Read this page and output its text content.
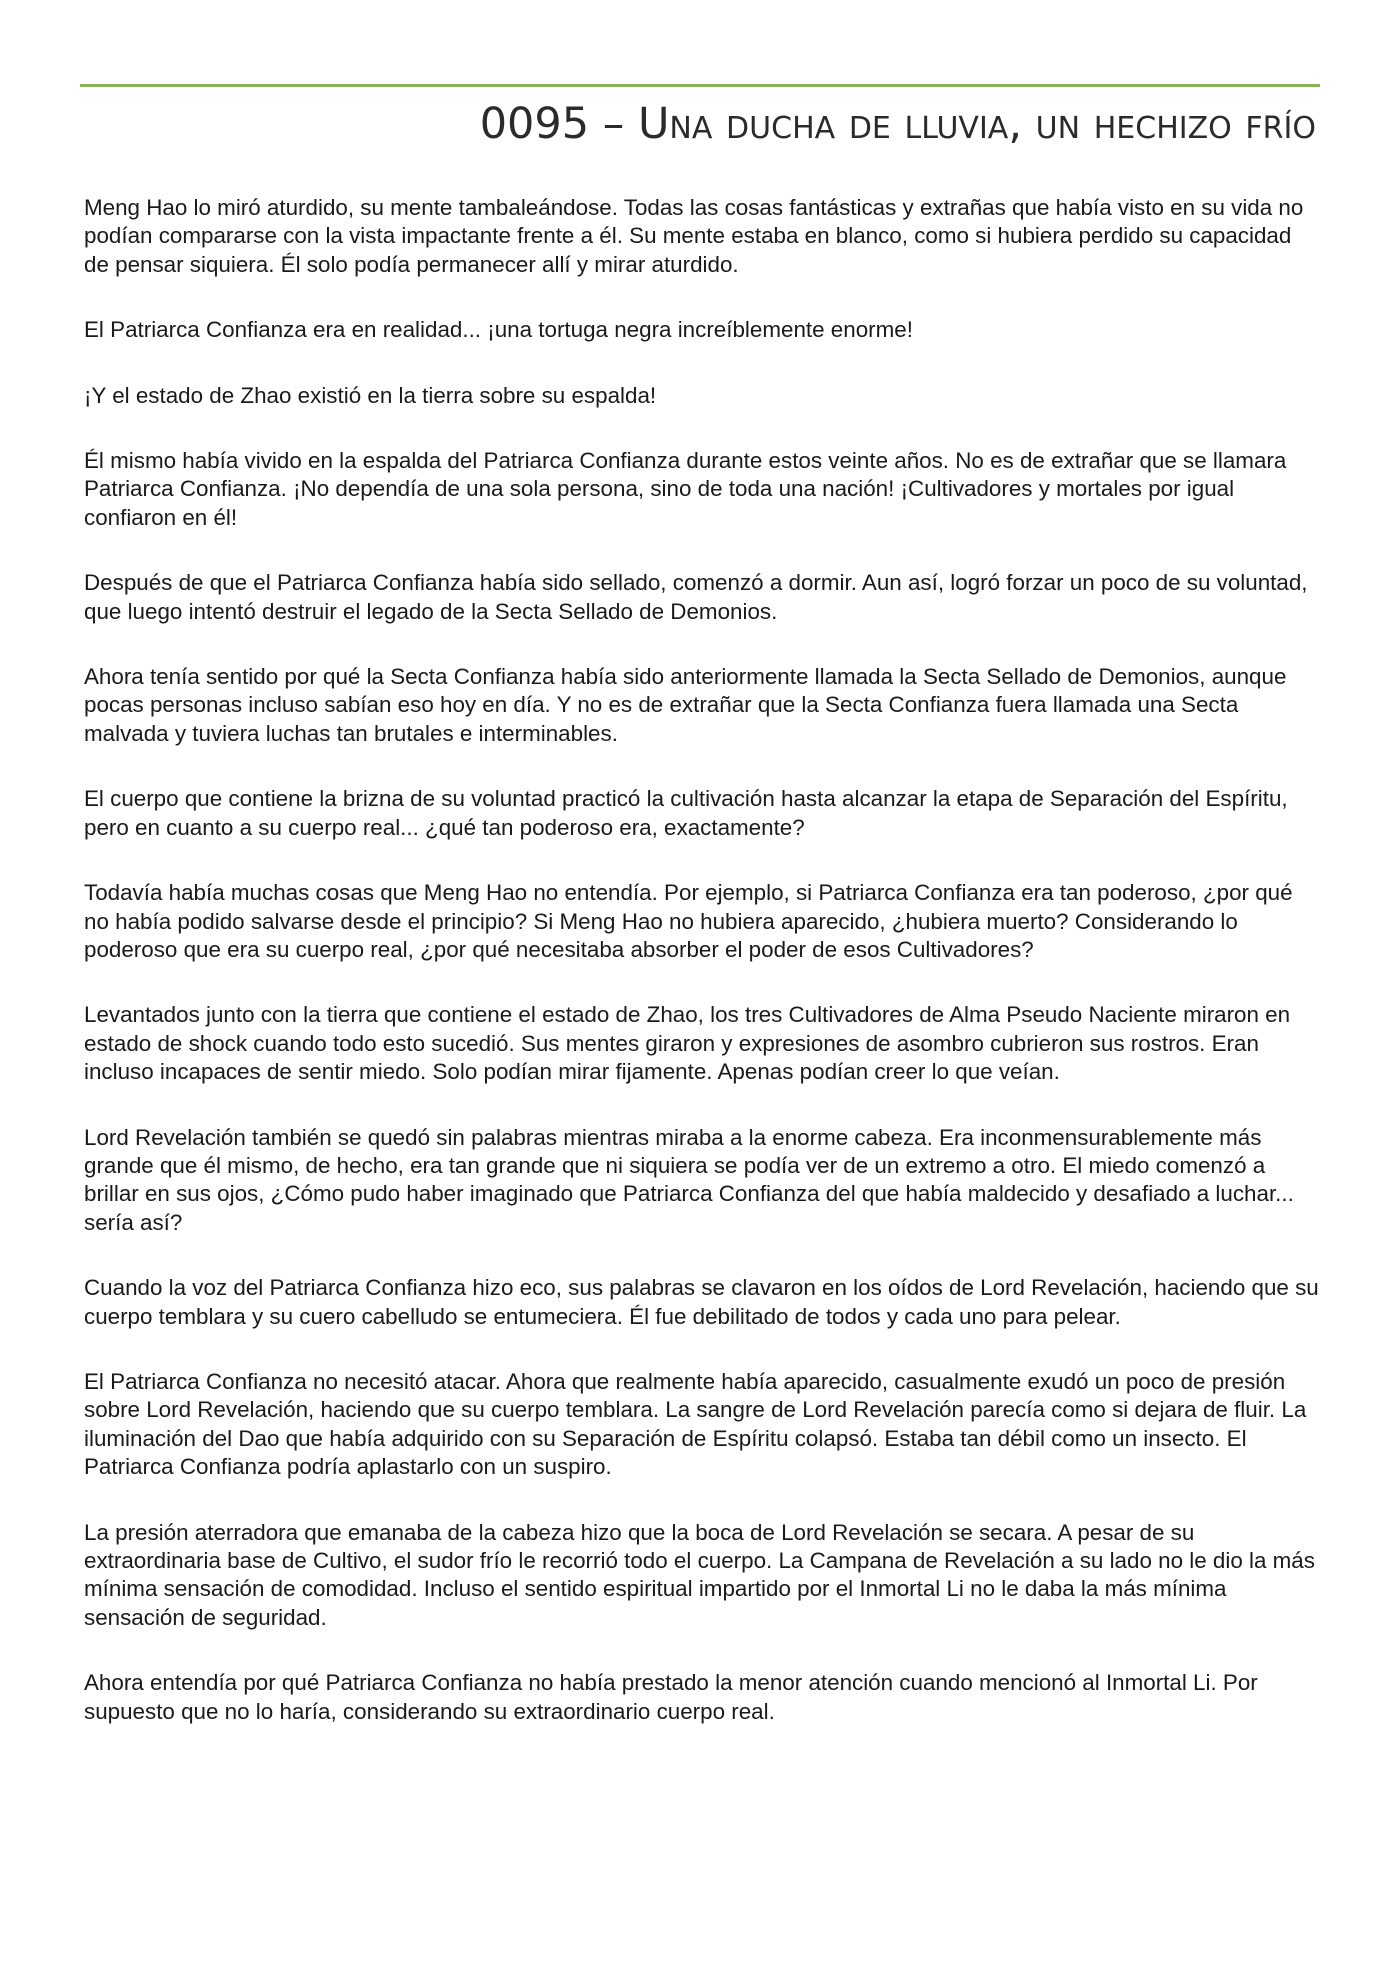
0095 – Una ducha de lluvia, un hechizo frío

Meng Hao lo miró aturdido, su mente tambaleándose. Todas las cosas fantásticas y extrañas que había visto en su vida no podían compararse con la vista impactante frente a él. Su mente estaba en blanco, como si hubiera perdido su capacidad de pensar siquiera. Él solo podía permanecer allí y mirar aturdido.

El Patriarca Confianza era en realidad... ¡una tortuga negra increíblemente enorme!

¡Y el estado de Zhao existió en la tierra sobre su espalda!

Él mismo había vivido en la espalda del Patriarca Confianza durante estos veinte años. No es de extrañar que se llamara Patriarca Confianza. ¡No dependía de una sola persona, sino de toda una nación! ¡Cultivadores y mortales por igual confiaron en él!

Después de que el Patriarca Confianza había sido sellado, comenzó a dormir. Aun así, logró forzar un poco de su voluntad, que luego intentó destruir el legado de la Secta Sellado de Demonios.

Ahora tenía sentido por qué la Secta Confianza había sido anteriormente llamada la Secta Sellado de Demonios, aunque pocas personas incluso sabían eso hoy en día. Y no es de extrañar que la Secta Confianza fuera llamada una Secta malvada y tuviera luchas tan brutales e interminables.

El cuerpo que contiene la brizna de su voluntad practicó la cultivación hasta alcanzar la etapa de Separación del Espíritu, pero en cuanto a su cuerpo real... ¿qué tan poderoso era, exactamente?

Todavía había muchas cosas que Meng Hao no entendía. Por ejemplo, si Patriarca Confianza era tan poderoso, ¿por qué no había podido salvarse desde el principio? Si Meng Hao no hubiera aparecido, ¿hubiera muerto? Considerando lo poderoso que era su cuerpo real, ¿por qué necesitaba absorber el poder de esos Cultivadores?

Levantados junto con la tierra que contiene el estado de Zhao, los tres Cultivadores de Alma Pseudo Naciente miraron en estado de shock cuando todo esto sucedió. Sus mentes giraron y expresiones de asombro cubrieron sus rostros. Eran incluso incapaces de sentir miedo. Solo podían mirar fijamente. Apenas podían creer lo que veían.

Lord Revelación también se quedó sin palabras mientras miraba a la enorme cabeza. Era inconmensurablemente más grande que él mismo, de hecho, era tan grande que ni siquiera se podía ver de un extremo a otro. El miedo comenzó a brillar en sus ojos, ¿Cómo pudo haber imaginado que Patriarca Confianza del que había maldecido y desafiado a luchar... sería así?

Cuando la voz del Patriarca Confianza hizo eco, sus palabras se clavaron en los oídos de Lord Revelación, haciendo que su cuerpo temblara y su cuero cabelludo se entumeciera. Él fue debilitado de todos y cada uno para pelear.

El Patriarca Confianza no necesitó atacar. Ahora que realmente había aparecido, casualmente exudó un poco de presión sobre Lord Revelación, haciendo que su cuerpo temblara. La sangre de Lord Revelación parecía como si dejara de fluir. La iluminación del Dao que había adquirido con su Separación de Espíritu colapsó. Estaba tan débil como un insecto. El Patriarca Confianza podría aplastarlo con un suspiro.

La presión aterradora que emanaba de la cabeza hizo que la boca de Lord Revelación se secara. A pesar de su extraordinaria base de Cultivo, el sudor frío le recorrió todo el cuerpo. La Campana de Revelación a su lado no le dio la más mínima sensación de comodidad. Incluso el sentido espiritual impartido por el Inmortal Li no le daba la más mínima sensación de seguridad.

Ahora entendía por qué Patriarca Confianza no había prestado la menor atención cuando mencionó al Inmortal Li. Por supuesto que no lo haría, considerando su extraordinario cuerpo real.
